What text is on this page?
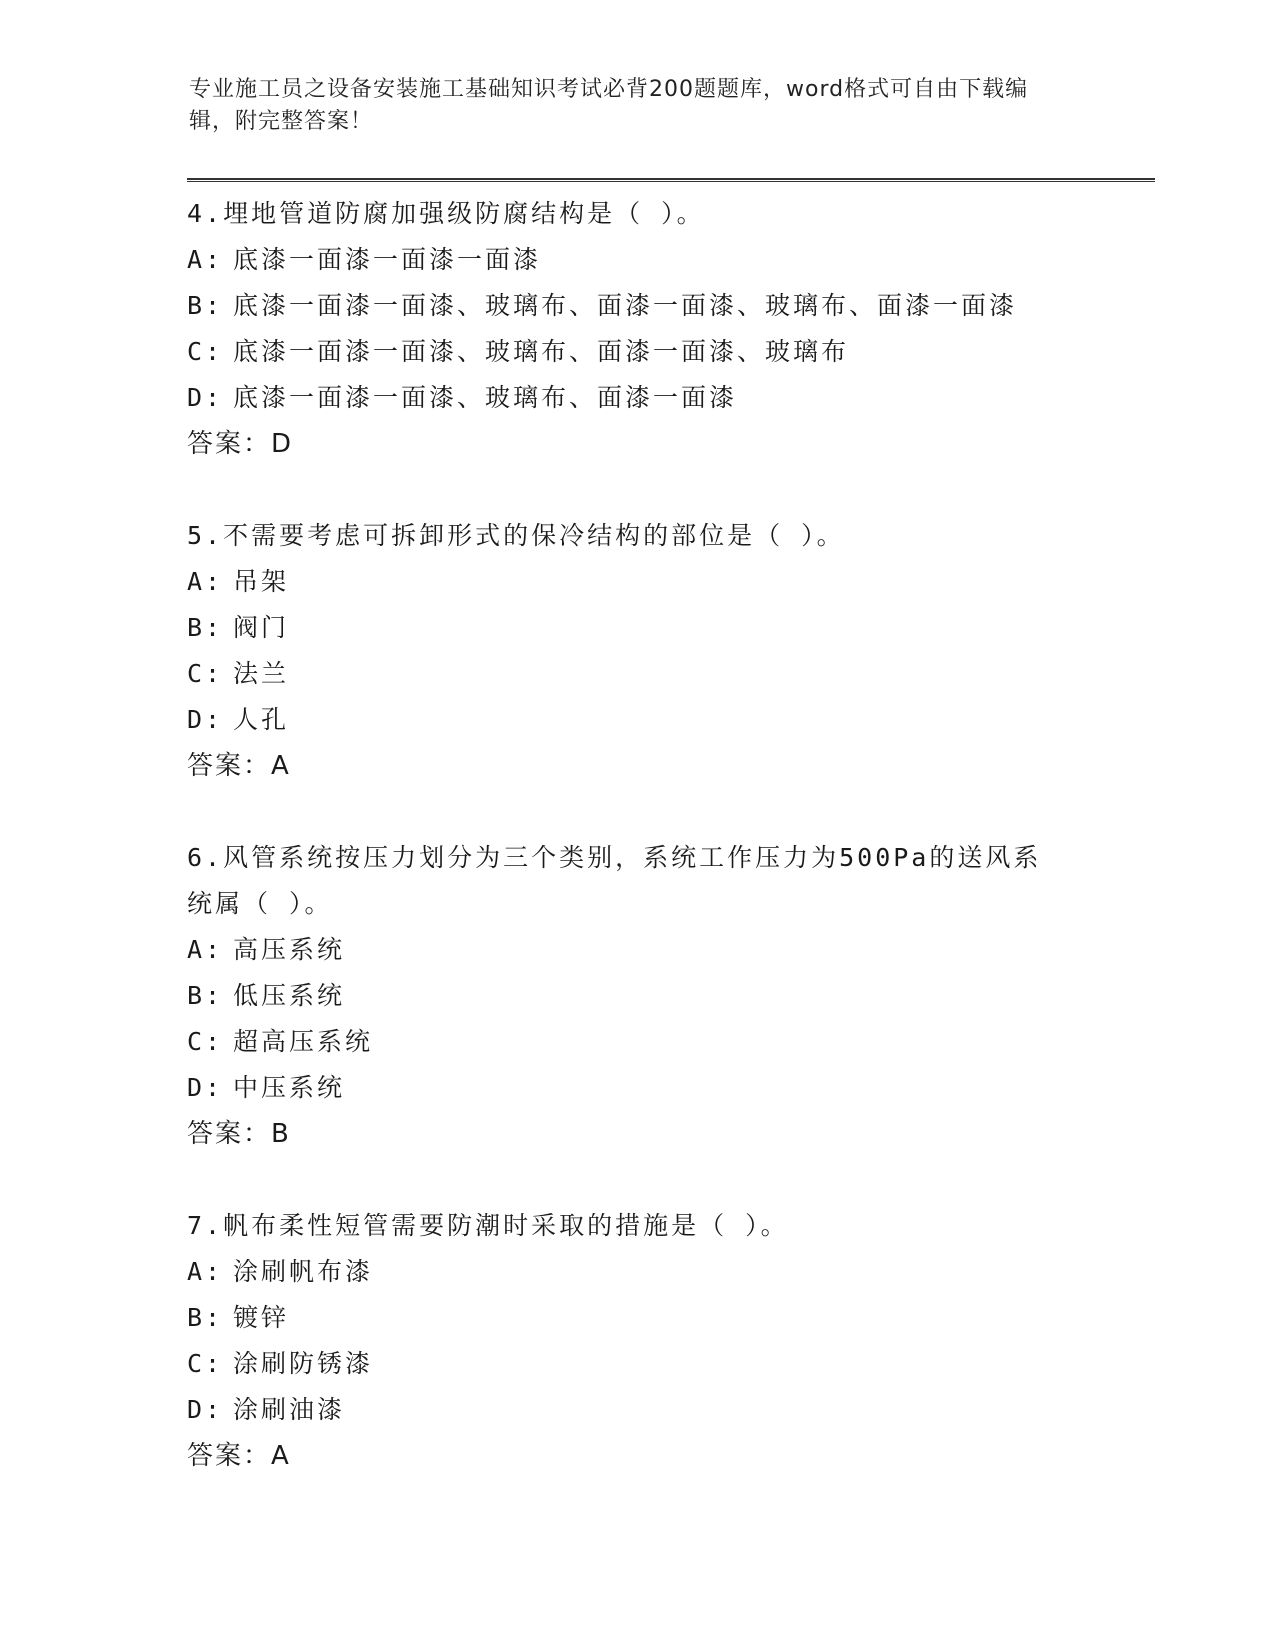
专业施工员之设备安装施工基础知识考试必背200题题库，word格式可自由下载编辑，附完整答案！
4.埋地管道防腐加强级防腐结构是（ ）。
A: 底漆一面漆一面漆一面漆
B: 底漆一面漆一面漆、玻璃布、面漆一面漆、玻璃布、面漆一面漆
C: 底漆一面漆一面漆、玻璃布、面漆一面漆、玻璃布
D: 底漆一面漆一面漆、玻璃布、面漆一面漆
答案：D
5.不需要考虑可拆卸形式的保冷结构的部位是（ ）。
A: 吊架
B: 阀门
C: 法兰
D: 人孔
答案：A
6.风管系统按压力划分为三个类别，系统工作压力为500Pa的送风系统属（ ）。
A: 高压系统
B: 低压系统
C: 超高压系统
D: 中压系统
答案：B
7.帆布柔性短管需要防潮时采取的措施是（ ）。
A: 涂刷帆布漆
B: 镀锌
C: 涂刷防锈漆
D: 涂刷油漆
答案：A
